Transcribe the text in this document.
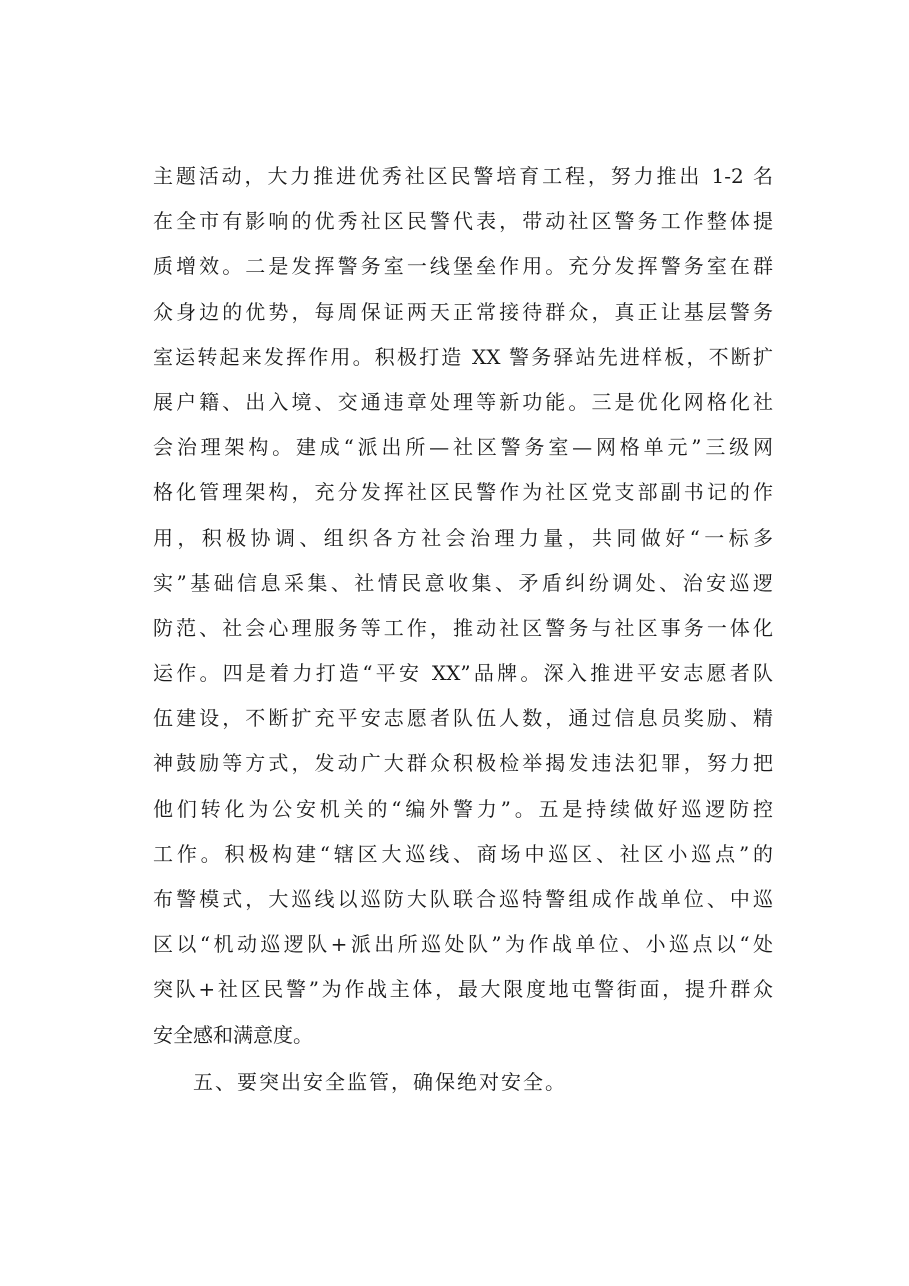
主题活动，大力推进优秀社区民警培育工程，努力推出 1-2 名
在全市有影响的优秀社区民警代表，带动社区警务工作整体提
质增效。二是发挥警务室一线堡垒作用。充分发挥警务室在群
众身边的优势，每周保证两天正常接待群众，真正让基层警务
室运转起来发挥作用。积极打造 XX 警务驿站先进样板，不断扩
展户籍、出入境、交通违章处理等新功能。三是优化网格化社
会治理架构。建成“派出所—社区警务室—网格单元”三级网
格化管理架构，充分发挥社区民警作为社区党支部副书记的作
用，积极协调、组织各方社会治理力量，共同做好“一标多
实”基础信息采集、社情民意收集、矛盾纠纷调处、治安巡逻
防范、社会心理服务等工作，推动社区警务与社区事务一体化
运作。四是着力打造“平安 XX”品牌。深入推进平安志愿者队
伍建设，不断扩充平安志愿者队伍人数，通过信息员奖励、精
神鼓励等方式，发动广大群众积极检举揭发违法犯罪，努力把
他们转化为公安机关的“编外警力”。五是持续做好巡逻防控
工作。积极构建“辖区大巡线、商场中巡区、社区小巡点”的
布警模式，大巡线以巡防大队联合巡特警组成作战单位、中巡
区以“机动巡逻队+派出所巡处队”为作战单位、小巡点以“处
突队+社区民警”为作战主体，最大限度地屯警街面，提升群众
安全感和满意度。
五、要突出安全监管，确保绝对安全。
